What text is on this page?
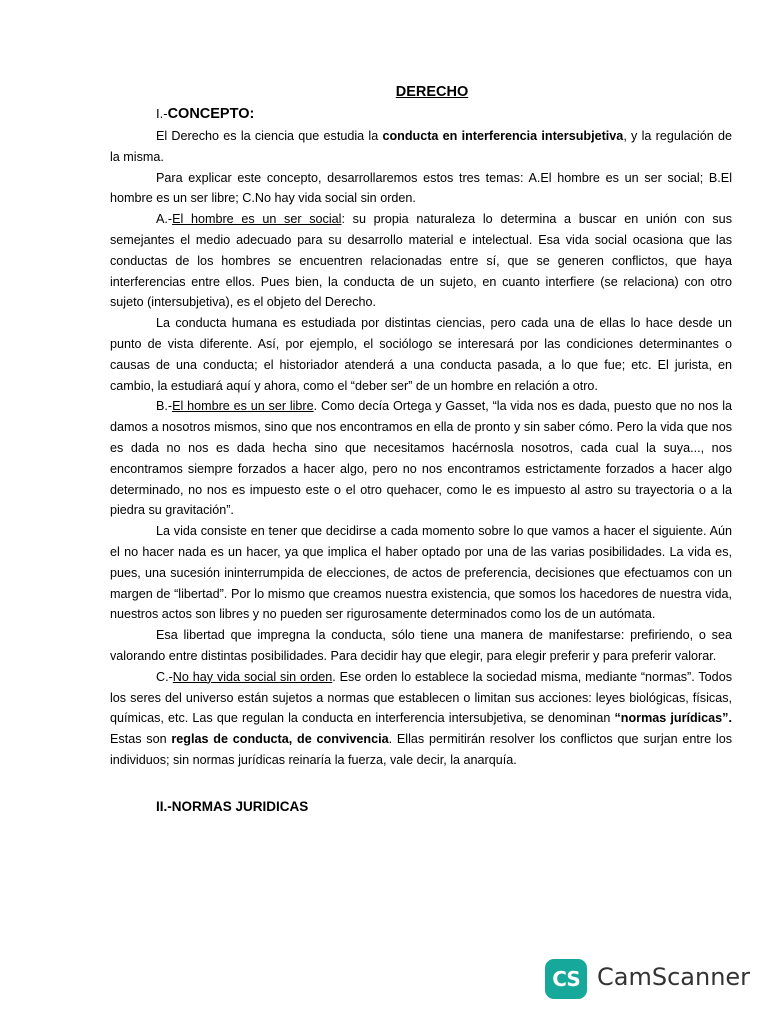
DERECHO
I.-CONCEPTO:

El Derecho es la ciencia que estudia la conducta en interferencia intersubjetiva, y la regulación de la misma.

Para explicar este concepto, desarrollaremos estos tres temas: A.El hombre es un ser social; B.El hombre es un ser libre; C.No hay vida social sin orden.

A.-El hombre es un ser social: su propia naturaleza lo determina a buscar en unión con sus semejantes el medio adecuado para su desarrollo material e intelectual. Esa vida social ocasiona que las conductas de los hombres se encuentren relacionadas entre sí, que se generen conflictos, que haya interferencias entre ellos. Pues bien, la conducta de un sujeto, en cuanto interfiere (se relaciona) con otro sujeto (intersubjetiva), es el objeto del Derecho.

La conducta humana es estudiada por distintas ciencias, pero cada una de ellas lo hace desde un punto de vista diferente. Así, por ejemplo, el sociólogo se interesará por las condiciones determinantes o causas de una conducta; el historiador atenderá a una conducta pasada, a lo que fue; etc. El jurista, en cambio, la estudiará aquí y ahora, como el “deber ser” de un hombre en relación a otro.

B.-El hombre es un ser libre. Como decía Ortega y Gasset, “la vida nos es dada, puesto que no nos la damos a nosotros mismos, sino que nos encontramos en ella de pronto y sin saber cómo. Pero la vida que nos es dada no nos es dada hecha sino que necesitamos hacérnosla nosotros, cada cual la suya..., nos encontramos siempre forzados a hacer algo, pero no nos encontramos estrictamente forzados a hacer algo determinado, no nos es impuesto este o el otro quehacer, como le es impuesto al astro su trayectoria o a la piedra su gravitación”.

La vida consiste en tener que decidirse a cada momento sobre lo que vamos a hacer el siguiente. Aún el no hacer nada es un hacer, ya que implica el haber optado por una de las varias posibilidades. La vida es, pues, una sucesión ininterrumpida de elecciones, de actos de preferencia, decisiones que efectuamos con un margen de “libertad”. Por lo mismo que creamos nuestra existencia, que somos los hacedores de nuestra vida, nuestros actos son libres y no pueden ser rigurosamente determinados como los de un autómata.

Esa libertad que impregna la conducta, sólo tiene una manera de manifestarse: prefiriendo, o sea valorando entre distintas posibilidades. Para decidir hay que elegir, para elegir preferir y para preferir valorar.

C.-No hay vida social sin orden. Ese orden lo establece la sociedad misma, mediante “normas”. Todos los seres del universo están sujetos a normas que establecen o limitan sus acciones: leyes biológicas, físicas, químicas, etc. Las que regulan la conducta en interferencia intersubjetiva, se denominan “normas jurídicas”. Estas son reglas de conducta, de convivencia. Ellas permitirán resolver los conflictos que surjan entre los individuos; sin normas jurídicas reinaría la fuerza, vale decir, la anarquía.

II.-NORMAS JURIDICAS
CS CamScanner
